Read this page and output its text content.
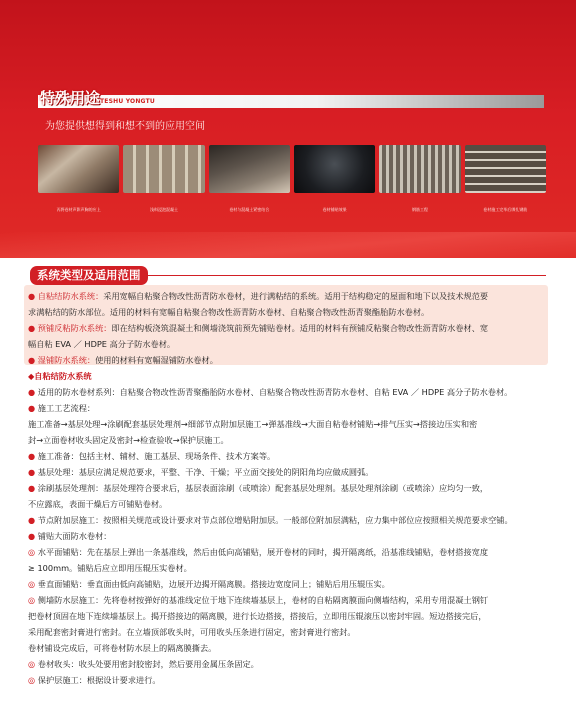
特殊用途 TESHU YONGTU
为您提供想得到和想不到的应用空间
丙将卷材声影声胸的应上	浅料浸泡混凝土	卷材与混凝土紧密结合	卷材铺贴效果	钢筋工程	卷材施工完毕后绑扎钢筋
系统类型及适用范围

● 自粘结防水系统：采用宽幅自粘聚合物改性沥青防水卷材，进行满粘结的系统。适用于结构稳定的屋面和地下以及技术规范要

求满粘结的防水部位。适用的材料有宽幅自粘聚合物改性沥青防水卷材、自粘聚合物改性沥青聚酯胎防水卷材。

● 预铺反粘防水系统：即在结构板浇筑混凝土和侧墙浇筑前预先铺贴卷材。适用的材料有预铺反粘聚合物改性沥青防水卷材、宽

幅自粘 EVA ／ HDPE 高分子防水卷材。

● 湿铺防水系统：使用的材料有宽幅湿铺防水卷材。

◆自粘结防水系统

● 适用的防水卷材系列：自粘聚合物改性沥青聚酯胎防水卷材、自粘聚合物改性沥青防水卷材、自粘 EVA ／ HDPE 高分子防水卷材。

● 施工工艺流程：

施工准备→基层处理→涂刷配套基层处理剂→细部节点附加层施工→弹基准线→大面自粘卷材铺贴→排气压实→搭接边压实和密

封→立面卷材收头固定及密封→检查验收→保护层施工。

● 施工准备：包括主材、辅材、施工基层、现场条件、技术方案等。

● 基层处理：基层应满足规范要求，平整、干净、干燥；平立面交接处的阴阳角均应做成圆弧。

● 涂刷基层处理剂：基层处理符合要求后，基层表面涂刷（或喷涂）配套基层处理剂。基层处理剂涂刷（或喷涂）应均匀一致，

不应露底，表面干燥后方可铺贴卷材。

● 节点附加层施工：按照相关规范或设计要求对节点部位增贴附加层。一般部位附加层满粘，应力集中部位应按照相关规范要求空铺。

● 铺贴大面防水卷材：

◎ 水平面铺贴：先在基层上弹出一条基准线，然后由低向高铺贴，展开卷材的同时，揭开隔离纸，沿基准线铺贴，卷材搭接宽度

≥ 100mm。铺贴后应立即用压辊压实卷材。

◎ 垂直面铺贴：垂直面由低向高铺贴，边展开边揭开隔离膜。搭接边宽度同上；铺贴后用压辊压实。

◎ 侧墙防水层施工：先将卷材按弹好的基准线定位于地下连续墙基层上，卷材的自粘隔离膜面向侧墙结构，采用专用混凝土钢钉

把卷材顶固在地下连续墙基层上。揭开搭接边的隔离膜，进行长边搭接，搭接后，立即用压辊滚压以密封牢固。短边搭接完后，

采用配套密封膏进行密封。在立墙顶部收头时，可用收头压条进行固定，密封膏进行密封。

卷材铺设完成后，可将卷材防水层上的隔离膜撕去。

◎ 卷材收头：收头处要用密封胶密封，然后要用金属压条固定。

◎ 保护层施工：根据设计要求进行。
